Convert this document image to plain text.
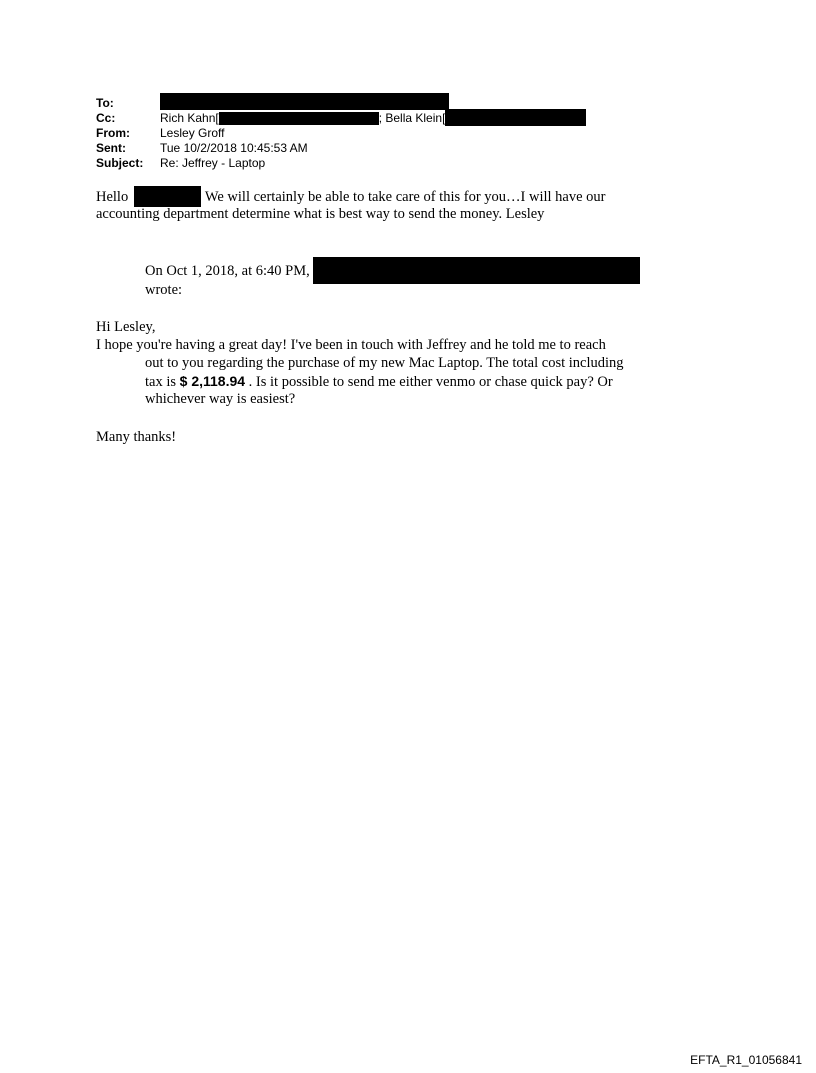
To:
Cc:	Rich Kahn[	; Bella Klein[
From:	Lesley Groff
Sent:	Tue 10/2/2018 10:45:53 AM
Subject:	Re: Jeffrey - Laptop
Hello	We will certainly be able to take care of this for you…I will have our
accounting department determine what is best way to send the money. Lesley
On Oct 1, 2018, at 6:40 PM,
wrote:
Hi Lesley,
I hope you're having a great day! I've been in touch with Jeffrey and he told me to reach
out to you regarding the purchase of my new Mac Laptop. The total cost including
tax is $ 2,118.94 . Is it possible to send me either venmo or chase quick pay? Or
whichever way is easiest?
Many thanks!
EFTA_R1_01056841
